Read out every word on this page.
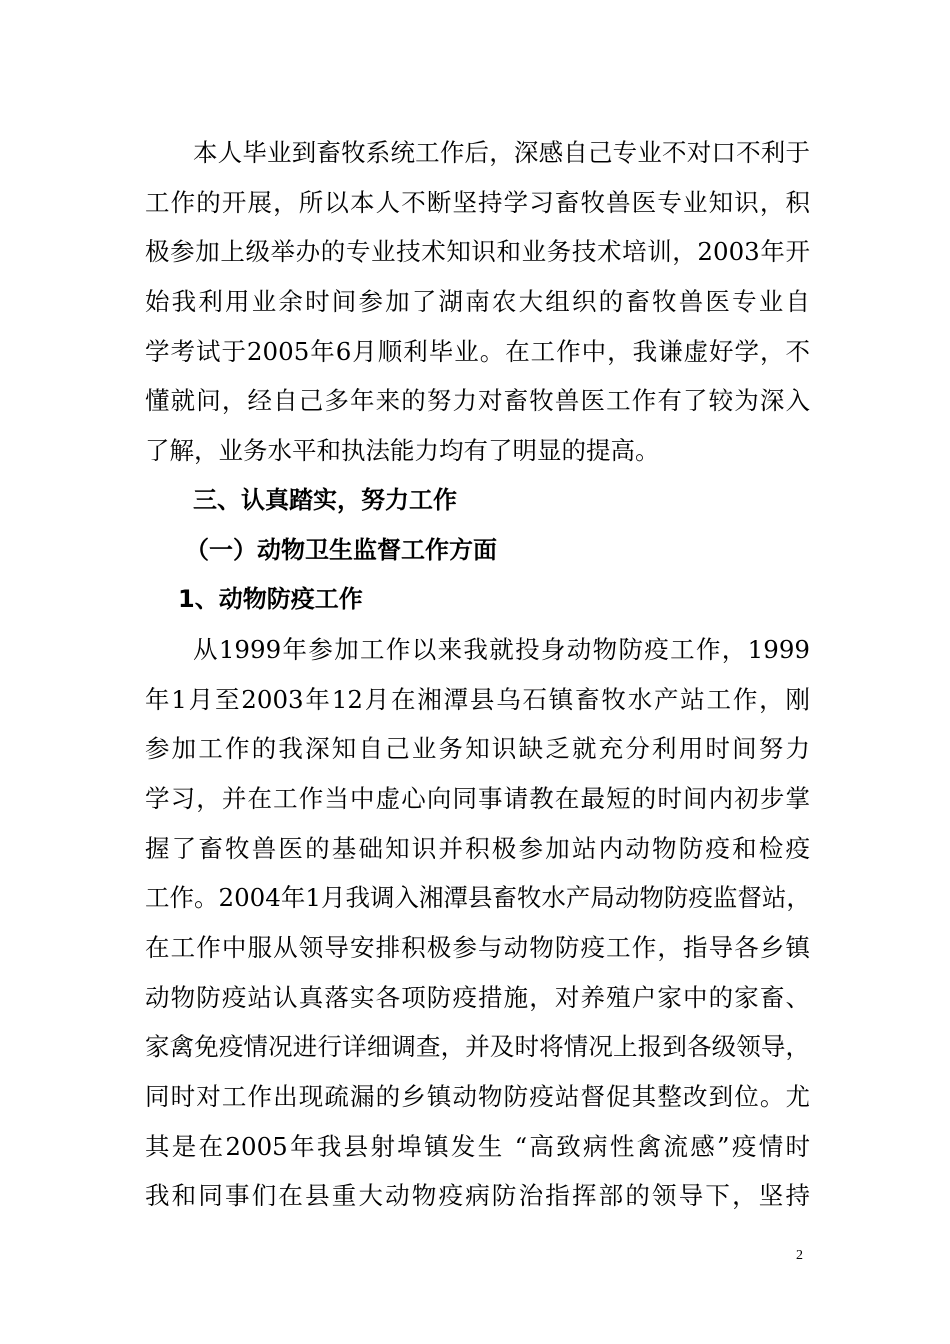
本人毕业到畜牧系统工作后，深感自己专业不对口不利于
工作的开展，所以本人不断坚持学习畜牧兽医专业知识，积
极参加上级举办的专业技术知识和业务技术培训，2003年开
始我利用业余时间参加了湖南农大组织的畜牧兽医专业自
学考试于2005年6月顺利毕业。在工作中，我谦虚好学，不
懂就问，经自己多年来的努力对畜牧兽医工作有了较为深入
了解，业务水平和执法能力均有了明显的提高。
三、认真踏实，努力工作
（一）动物卫生监督工作方面
1、动物防疫工作
从1999年参加工作以来我就投身动物防疫工作，1999
年1月至2003年12月在湘潭县乌石镇畜牧水产站工作，刚
参加工作的我深知自己业务知识缺乏就充分利用时间努力
学习，并在工作当中虚心向同事请教在最短的时间内初步掌
握了畜牧兽医的基础知识并积极参加站内动物防疫和检疫
工作。2004年1月我调入湘潭县畜牧水产局动物防疫监督站，
在工作中服从领导安排积极参与动物防疫工作，指导各乡镇
动物防疫站认真落实各项防疫措施，对养殖户家中的家畜、
家禽免疫情况进行详细调查，并及时将情况上报到各级领导，
同时对工作出现疏漏的乡镇动物防疫站督促其整改到位。尤
其是在2005年我县射埠镇发生 “高致病性禽流感”疫情时
我和同事们在县重大动物疫病防治指挥部的领导下，坚持
2
